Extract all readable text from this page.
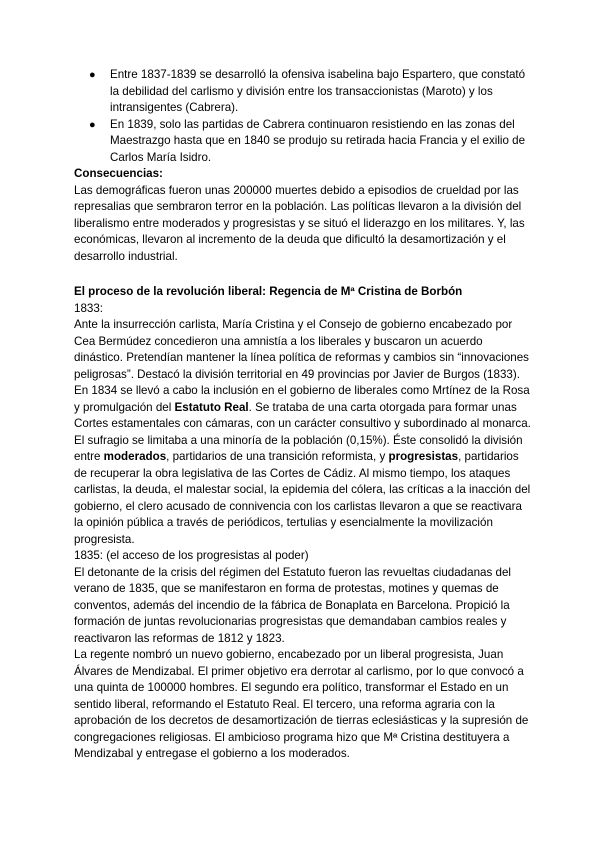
● Entre 1837-1839 se desarrolló la ofensiva isabelina bajo Espartero, que constató la debilidad del carlismo y división entre los transaccionistas (Maroto) y los intransigentes (Cabrera).
● En 1839, solo las partidas de Cabrera continuaron resistiendo en las zonas del Maestrazgo hasta que en 1840 se produjo su retirada hacia Francia y el exilio de Carlos María Isidro.

Consecuencias:

Las demográficas fueron unas 200000 muertes debido a episodios de crueldad por las represalias que sembraron terror en la población. Las políticas llevaron a la división del liberalismo entre moderados y progresistas y se situó el liderazgo en los militares. Y, las económicas, llevaron al incremento de la deuda que dificultó la desamortización y el desarrollo industrial.

El proceso de la revolución liberal: Regencia de Mª Cristina de Borbón

1833:

Ante la insurrección carlista, María Cristina y el Consejo de gobierno encabezado por Cea Bermúdez concedieron una amnistía a los liberales y buscaron un acuerdo dinástico. Pretendían mantener la línea política de reformas y cambios sin “innovaciones peligrosas”. Destacó la división territorial en 49 provincias por Javier de Burgos (1833).

En 1834 se llevó a cabo la inclusión en el gobierno de liberales como Mrtínez de la Rosa y promulgación del Estatuto Real. Se trataba de una carta otorgada para formar unas Cortes estamentales con cámaras, con un carácter consultivo y subordinado al monarca. El sufragio se limitaba a una minoría de la población (0,15%). Éste consolidó la división entre moderados, partidarios de una transición reformista, y progresistas, partidarios de recuperar la obra legislativa de las Cortes de Cádiz. Al mismo tiempo, los ataques carlistas, la deuda, el malestar social, la epidemia del cólera, las críticas a la inacción del gobierno, el clero acusado de connivencia con los carlistas llevaron a que se reactivara la opinión pública a través de periódicos, tertulias y esencialmente la movilización progresista.

1835: (el acceso de los progresistas al poder)

El detonante de la crisis del régimen del Estatuto fueron las revueltas ciudadanas del verano de 1835, que se manifestaron en forma de protestas, motines y quemas de conventos, además del incendio de la fábrica de Bonaplata en Barcelona. Propició la formación de juntas revolucionarias progresistas que demandaban cambios reales y reactivaron las reformas de 1812 y 1823.

La regente nombró un nuevo gobierno, encabezado por un liberal progresista, Juan Álvares de Mendizabal. El primer objetivo era derrotar al carlismo, por lo que convocó a una quinta de 100000 hombres. El segundo era político, transformar el Estado en un sentido liberal, reformando el Estatuto Real. El tercero, una reforma agraria con la aprobación de los decretos de desamortización de tierras eclesiásticas y la supresión de congregaciones religiosas. El ambicioso programa hizo que Mª Cristina destituyera a Mendizabal y entregase el gobierno a los moderados.
